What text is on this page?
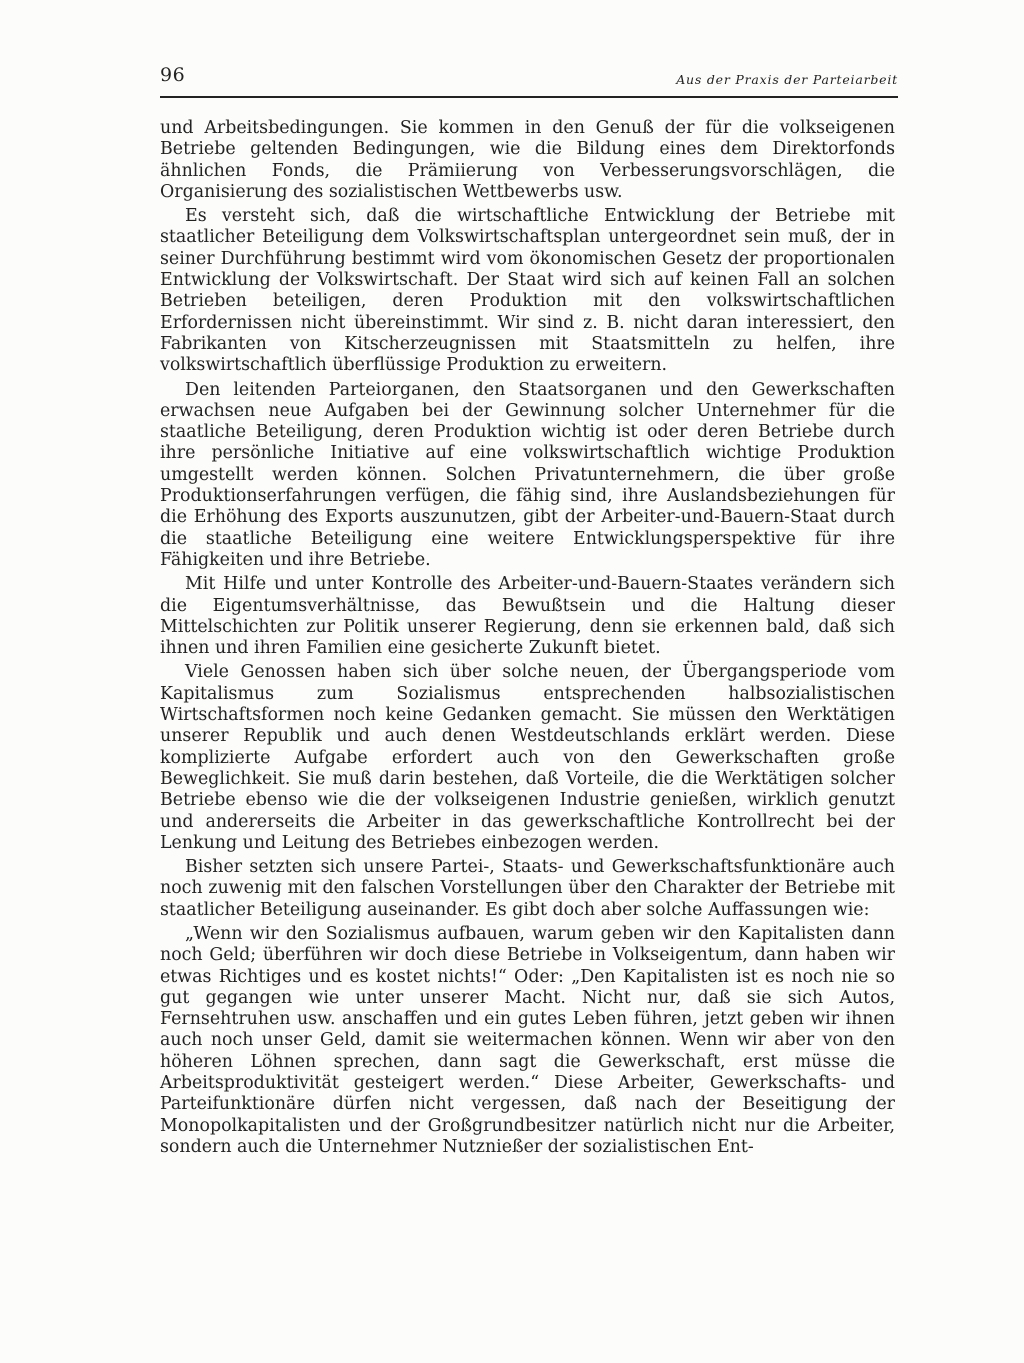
96	Aus der Praxis der Parteiarbeit

und Arbeitsbedingungen. Sie kommen in den Genuß der für die volkseigenen Betriebe geltenden Bedingungen, wie die Bildung eines dem Direktorfonds ähnlichen Fonds, die Prämiierung von Verbesserungsvorschlägen, die Organisierung des sozialistischen Wettbewerbs usw.

Es versteht sich, daß die wirtschaftliche Entwicklung der Betriebe mit staatlicher Beteiligung dem Volkswirtschaftsplan untergeordnet sein muß, der in seiner Durchführung bestimmt wird vom ökonomischen Gesetz der proportionalen Entwicklung der Volkswirtschaft. Der Staat wird sich auf keinen Fall an solchen Betrieben beteiligen, deren Produktion mit den volkswirtschaftlichen Erfordernissen nicht übereinstimmt. Wir sind z. B. nicht daran interessiert, den Fabrikanten von Kitscherzeugnissen mit Staatsmitteln zu helfen, ihre volkswirtschaftlich überflüssige Produktion zu erweitern.

Den leitenden Parteiorganen, den Staatsorganen und den Gewerkschaften erwachsen neue Aufgaben bei der Gewinnung solcher Unternehmer für die staatliche Beteiligung, deren Produktion wichtig ist oder deren Betriebe durch ihre persönliche Initiative auf eine volkswirtschaftlich wichtige Produktion umgestellt werden können. Solchen Privatunternehmern, die über große Produktionserfahrungen verfügen, die fähig sind, ihre Auslandsbeziehungen für die Erhöhung des Exports auszunutzen, gibt der Arbeiter-und-Bauern-Staat durch die staatliche Beteiligung eine weitere Entwicklungsperspektive für ihre Fähigkeiten und ihre Betriebe.

Mit Hilfe und unter Kontrolle des Arbeiter-und-Bauern-Staates verändern sich die Eigentumsverhältnisse, das Bewußtsein und die Haltung dieser Mittelschichten zur Politik unserer Regierung, denn sie erkennen bald, daß sich ihnen und ihren Familien eine gesicherte Zukunft bietet.

Viele Genossen haben sich über solche neuen, der Übergangsperiode vom Kapitalismus zum Sozialismus entsprechenden halbsozialistischen Wirtschaftsformen noch keine Gedanken gemacht. Sie müssen den Werktätigen unserer Republik und auch denen Westdeutschlands erklärt werden. Diese komplizierte Aufgabe erfordert auch von den Gewerkschaften große Beweglichkeit. Sie muß darin bestehen, daß Vorteile, die die Werktätigen solcher Betriebe ebenso wie die der volkseigenen Industrie genießen, wirklich genutzt und andererseits die Arbeiter in das gewerkschaftliche Kontrollrecht bei der Lenkung und Leitung des Betriebes einbezogen werden.

Bisher setzten sich unsere Partei-, Staats- und Gewerkschaftsfunktionäre auch noch zuwenig mit den falschen Vorstellungen über den Charakter der Betriebe mit staatlicher Beteiligung auseinander. Es gibt doch aber solche Auffassungen wie:

„Wenn wir den Sozialismus aufbauen, warum geben wir den Kapitalisten dann noch Geld; überführen wir doch diese Betriebe in Volkseigentum, dann haben wir etwas Richtiges und es kostet nichts!“ Oder: „Den Kapitalisten ist es noch nie so gut gegangen wie unter unserer Macht. Nicht nur, daß sie sich Autos, Fernsehtruhen usw. anschaffen und ein gutes Leben führen, jetzt geben wir ihnen auch noch unser Geld, damit sie weitermachen können. Wenn wir aber von den höheren Löhnen sprechen, dann sagt die Gewerkschaft, erst müsse die Arbeitsproduktivität gesteigert werden.“ Diese Arbeiter, Gewerkschafts- und Parteifunktionäre dürfen nicht vergessen, daß nach der Beseitigung der Monopolkapitalisten und der Großgrundbesitzer natürlich nicht nur die Arbeiter, sondern auch die Unternehmer Nutznießer der sozialistischen Ent-
